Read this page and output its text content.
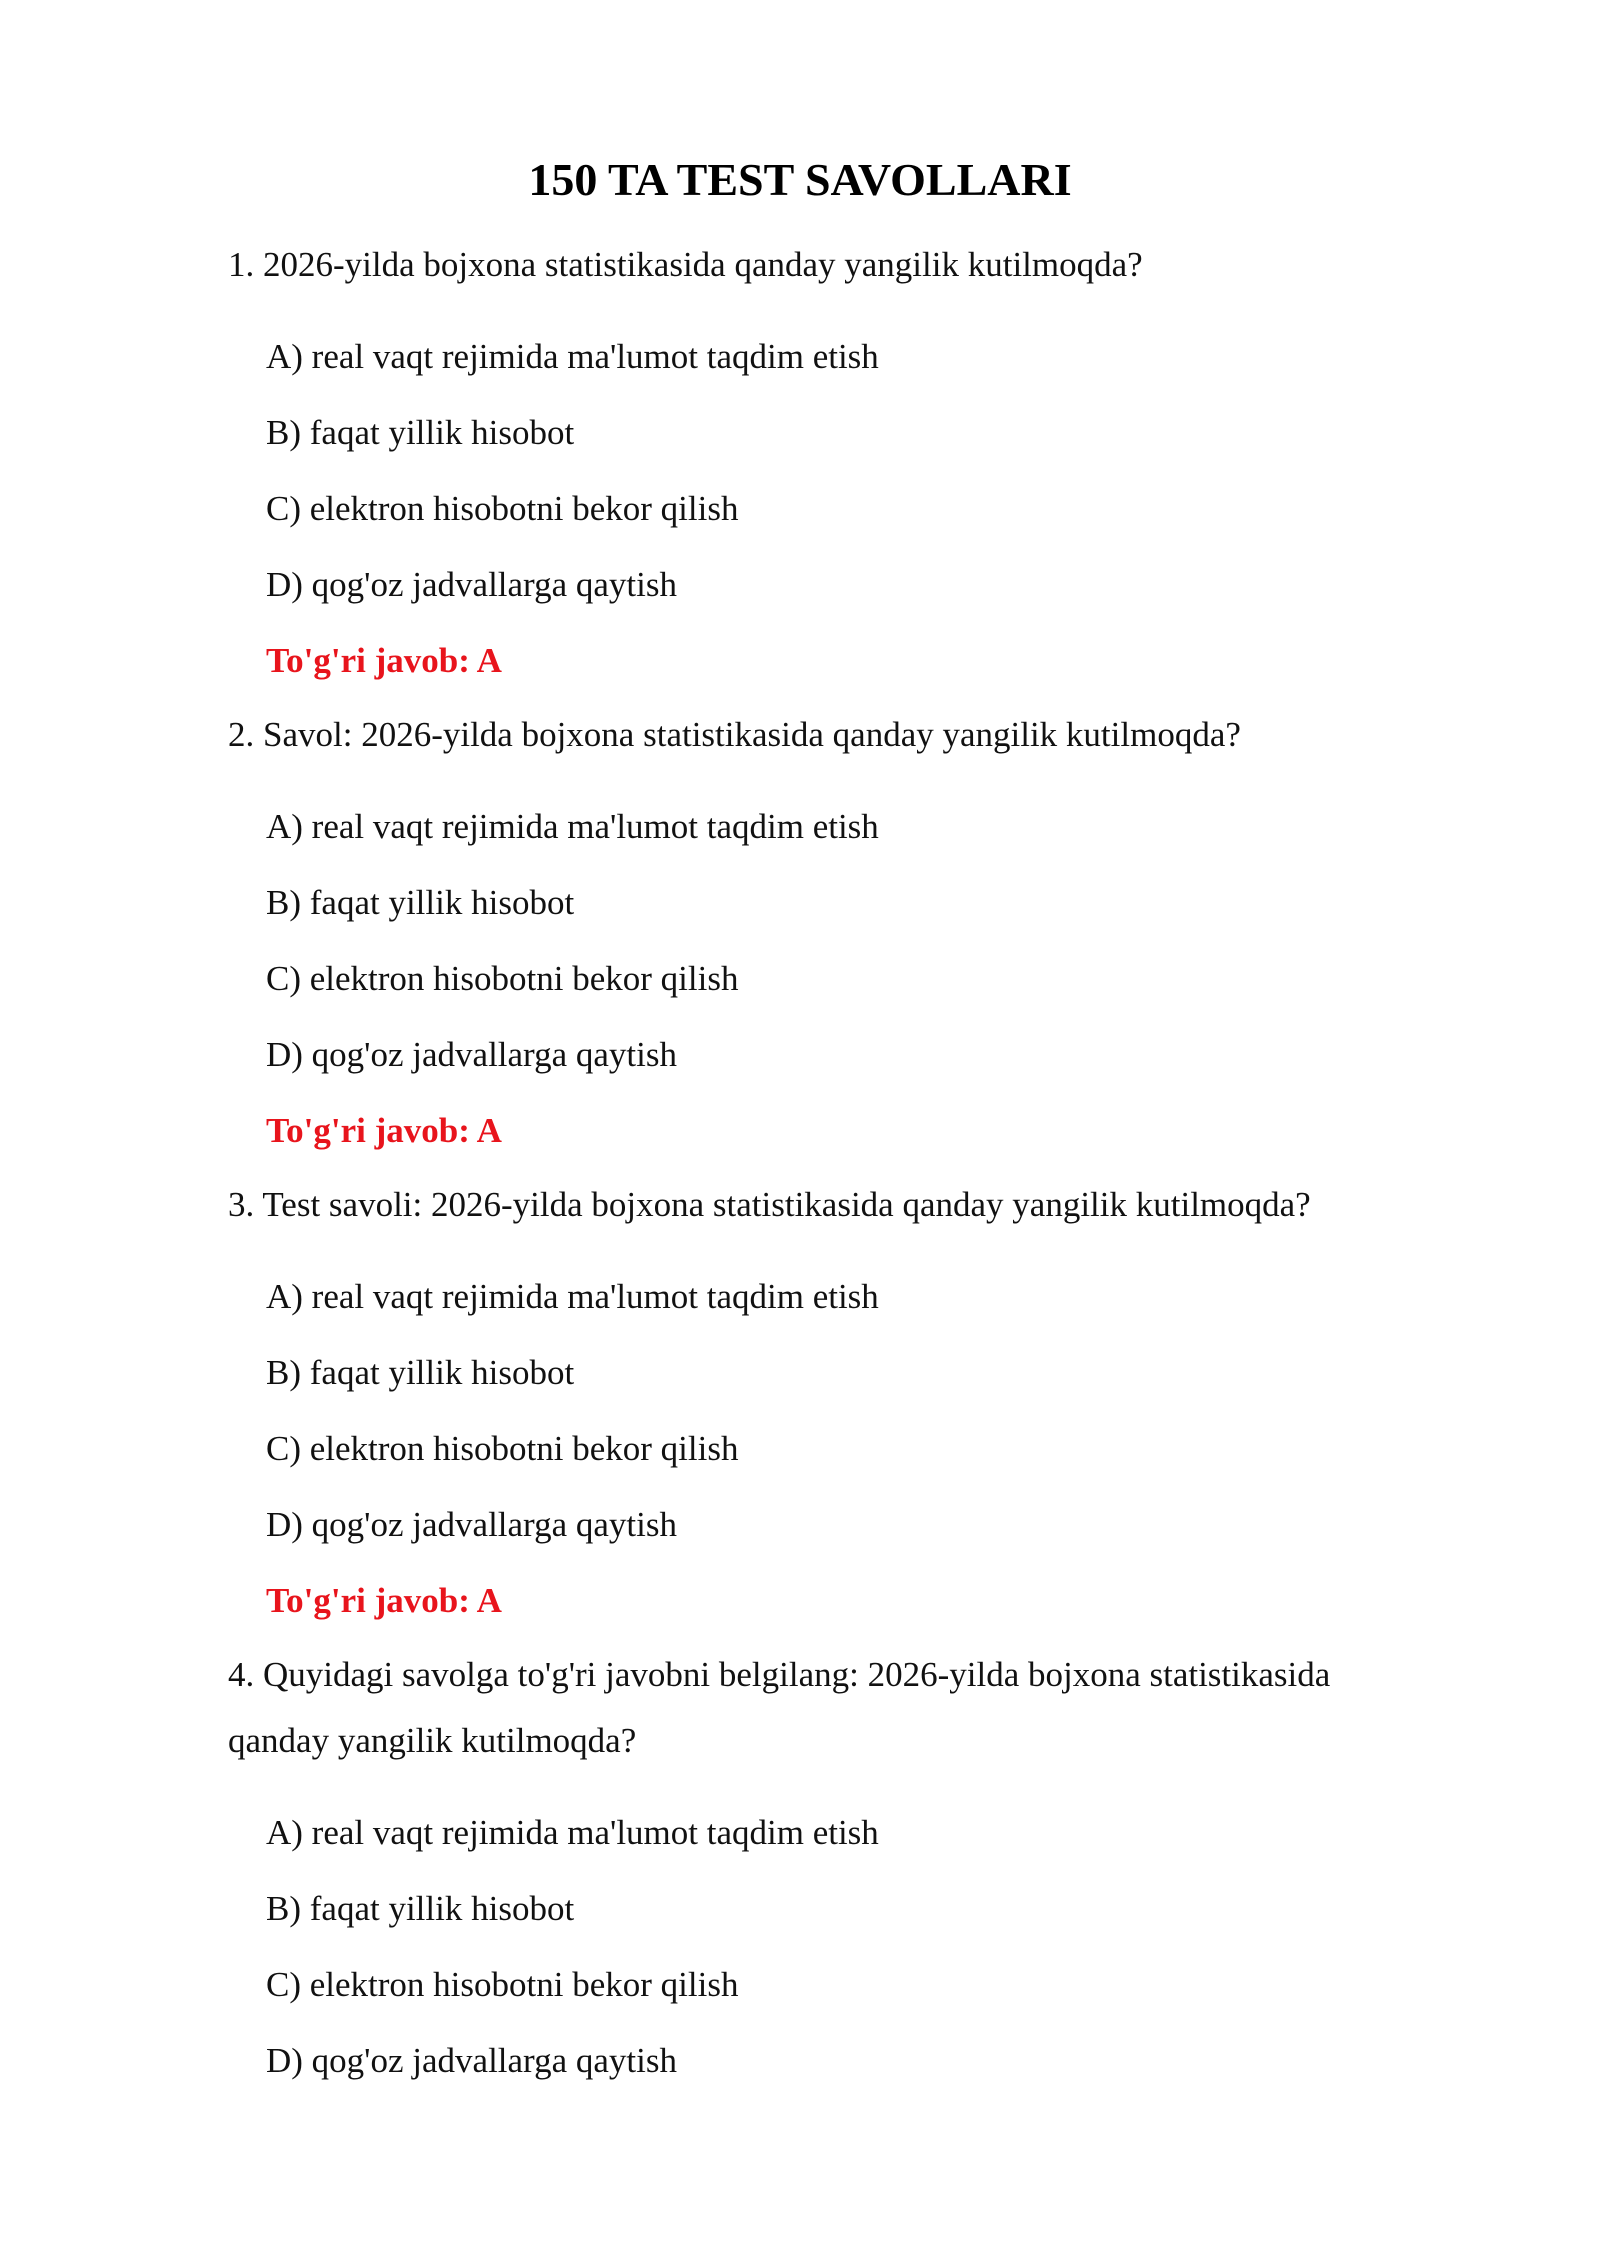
150 TA TEST SAVOLLARI

1. 2026-yilda bojxona statistikasida qanday yangilik kutilmoqda?

A) real vaqt rejimida ma'lumot taqdim etish
B) faqat yillik hisobot
C) elektron hisobotni bekor qilish
D) qog'oz jadvallarga qaytish

To'g'ri javob: A

2. Savol: 2026-yilda bojxona statistikasida qanday yangilik kutilmoqda?

A) real vaqt rejimida ma'lumot taqdim etish
B) faqat yillik hisobot
C) elektron hisobotni bekor qilish
D) qog'oz jadvallarga qaytish

To'g'ri javob: A

3. Test savoli: 2026-yilda bojxona statistikasida qanday yangilik kutilmoqda?

A) real vaqt rejimida ma'lumot taqdim etish
B) faqat yillik hisobot
C) elektron hisobotni bekor qilish
D) qog'oz jadvallarga qaytish

To'g'ri javob: A

4. Quyidagi savolga to'g'ri javobni belgilang: 2026-yilda bojxona statistikasida qanday yangilik kutilmoqda?

A) real vaqt rejimida ma'lumot taqdim etish
B) faqat yillik hisobot
C) elektron hisobotni bekor qilish
D) qog'oz jadvallarga qaytish
